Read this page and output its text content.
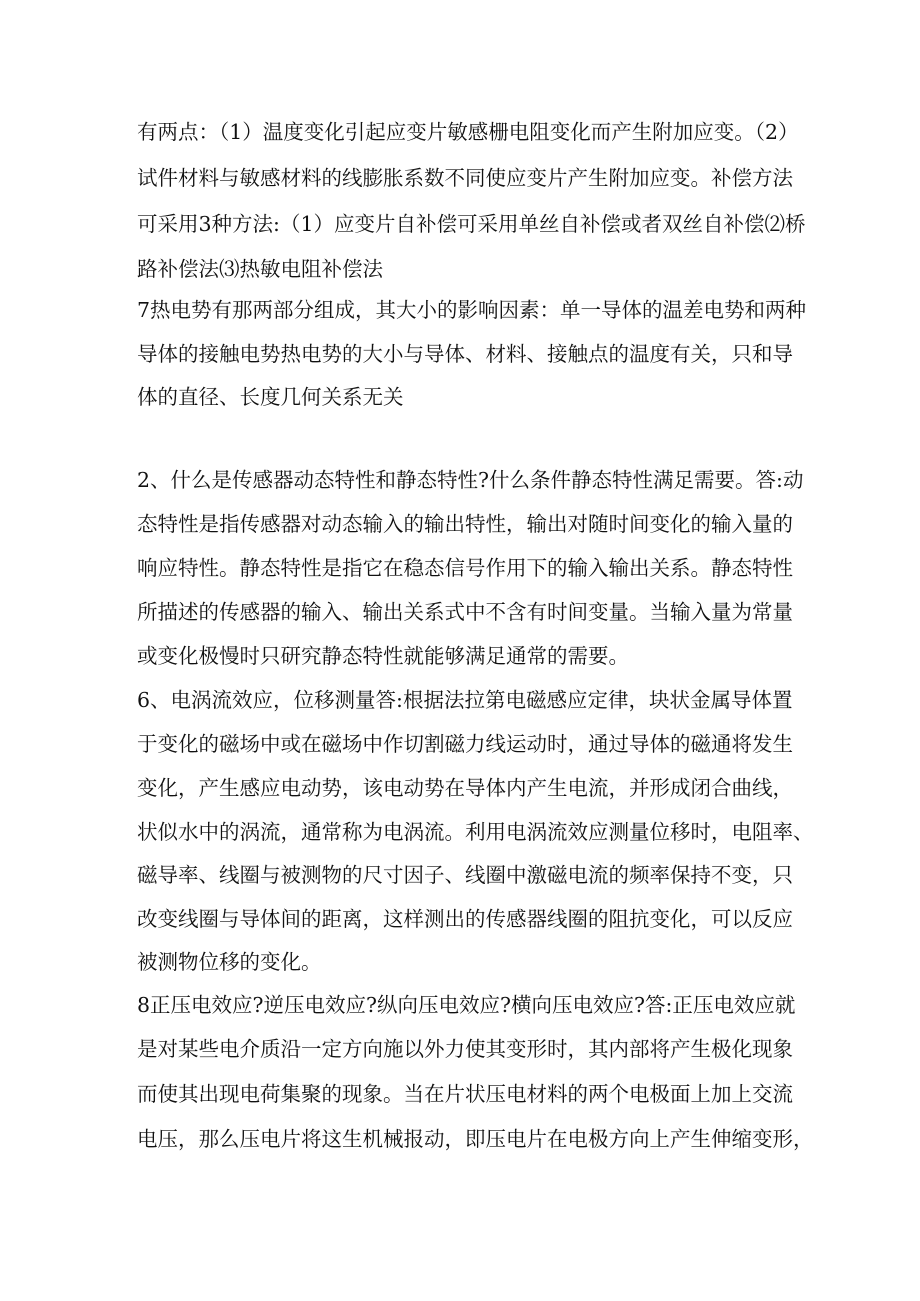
有两点：（1）温度变化引起应变片敏感栅电阻变化而产生附加应变。（2）
试件材料与敏感材料的线膨胀系数不同使应变片产生附加应变。补偿方法
可采用3种方法:（1）应变片自补偿可采用单丝自补偿或者双丝自补偿⑵桥
路补偿法⑶热敏电阻补偿法
7热电势有那两部分组成，其大小的影响因素：单一导体的温差电势和两种
导体的接触电势热电势的大小与导体、材料、接触点的温度有关，只和导
体的直径、长度几何关系无关
2、什么是传感器动态特性和静态特性?什么条件静态特性满足需要。答:动
态特性是指传感器对动态输入的输出特性，输出对随时间变化的输入量的
响应特性。静态特性是指它在稳态信号作用下的输入输出关系。静态特性
所描述的传感器的输入、输出关系式中不含有时间变量。当输入量为常量
或变化极慢时只研究静态特性就能够满足通常的需要。
6、电涡流效应，位移测量答:根据法拉第电磁感应定律，块状金属导体置
于变化的磁场中或在磁场中作切割磁力线运动时，通过导体的磁通将发生
变化，产生感应电动势，该电动势在导体内产生电流，并形成闭合曲线，
状似水中的涡流，通常称为电涡流。利用电涡流效应测量位移时，电阻率、
磁导率、线圈与被测物的尺寸因子、线圈中激磁电流的频率保持不变，只
改变线圈与导体间的距离，这样测出的传感器线圈的阻抗变化，可以反应
被测物位移的变化。
8正压电效应?逆压电效应?纵向压电效应?横向压电效应?答:正压电效应就
是对某些电介质沿一定方向施以外力使其变形时，其内部将产生极化现象
而使其出现电荷集聚的现象。当在片状压电材料的两个电极面上加上交流
电压，那么压电片将这生机械报动，即压电片在电极方向上产生伸缩变形，
